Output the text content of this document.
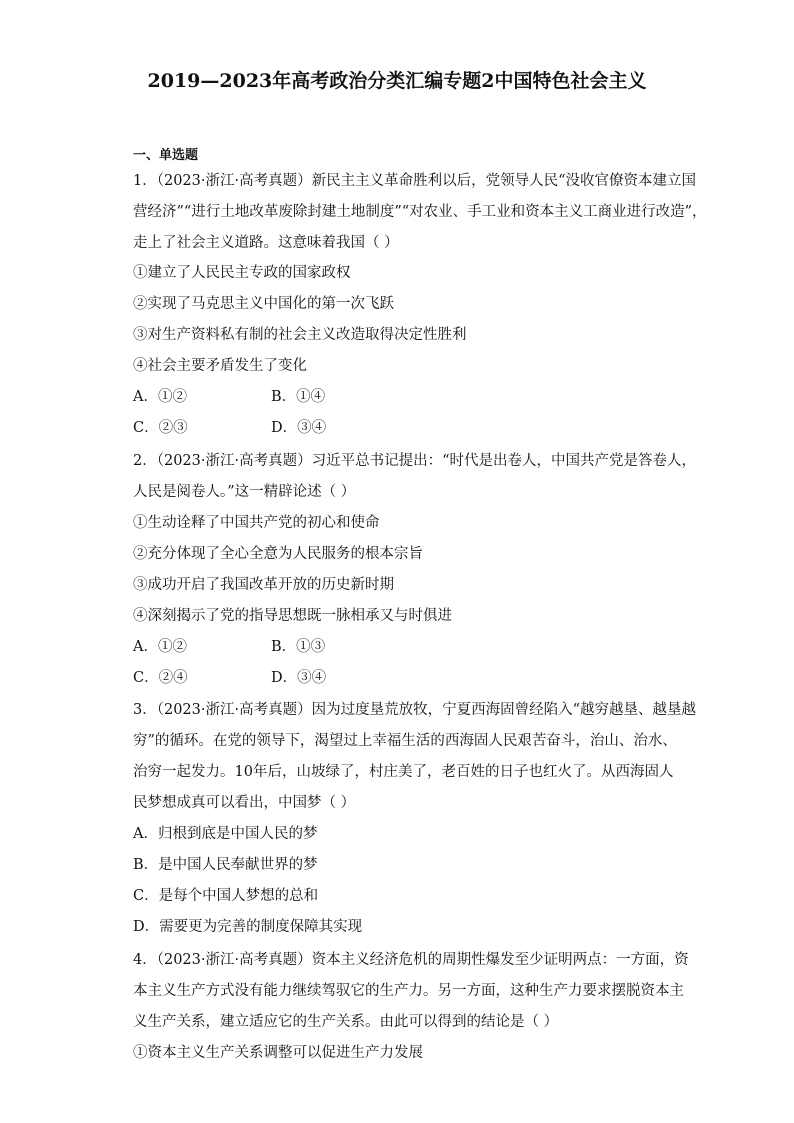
2019—2023年高考政治分类汇编专题2中国特色社会主义
一、单选题
1．（2023·浙江·高考真题）新民主主义革命胜利以后，党领导人民“没收官僚资本建立国
营经济”“进行土地改革废除封建土地制度”“对农业、手工业和资本主义工商业进行改造”，
走上了社会主义道路。这意味着我国（ ）
①建立了人民民主专政的国家政权
②实现了马克思主义中国化的第一次飞跃
③对生产资料私有制的社会主义改造取得决定性胜利
④社会主要矛盾发生了变化
A．①②	B．①④
C．②③	D．③④
2．（2023·浙江·高考真题）习近平总书记提出：“时代是出卷人，中国共产党是答卷人，
人民是阅卷人。”这一精辟论述（ ）
①生动诠释了中国共产党的初心和使命
②充分体现了全心全意为人民服务的根本宗旨
③成功开启了我国改革开放的历史新时期
④深刻揭示了党的指导思想既一脉相承又与时俱进
A．①②	B．①③
C．②④	D．③④
3．（2023·浙江·高考真题）因为过度垦荒放牧，宁夏西海固曾经陷入“越穷越垦、越垦越
穷”的循环。在党的领导下，渴望过上幸福生活的西海固人民艰苦奋斗，治山、治水、
治穷一起发力。10年后，山坡绿了，村庄美了，老百姓的日子也红火了。从西海固人
民梦想成真可以看出，中国梦（ ）
A．归根到底是中国人民的梦
B．是中国人民奉献世界的梦
C．是每个中国人梦想的总和
D．需要更为完善的制度保障其实现
4．（2023·浙江·高考真题）资本主义经济危机的周期性爆发至少证明两点：一方面，资
本主义生产方式没有能力继续驾驭它的生产力。另一方面，这种生产力要求摆脱资本主
义生产关系，建立适应它的生产关系。由此可以得到的结论是（ ）
①资本主义生产关系调整可以促进生产力发展
